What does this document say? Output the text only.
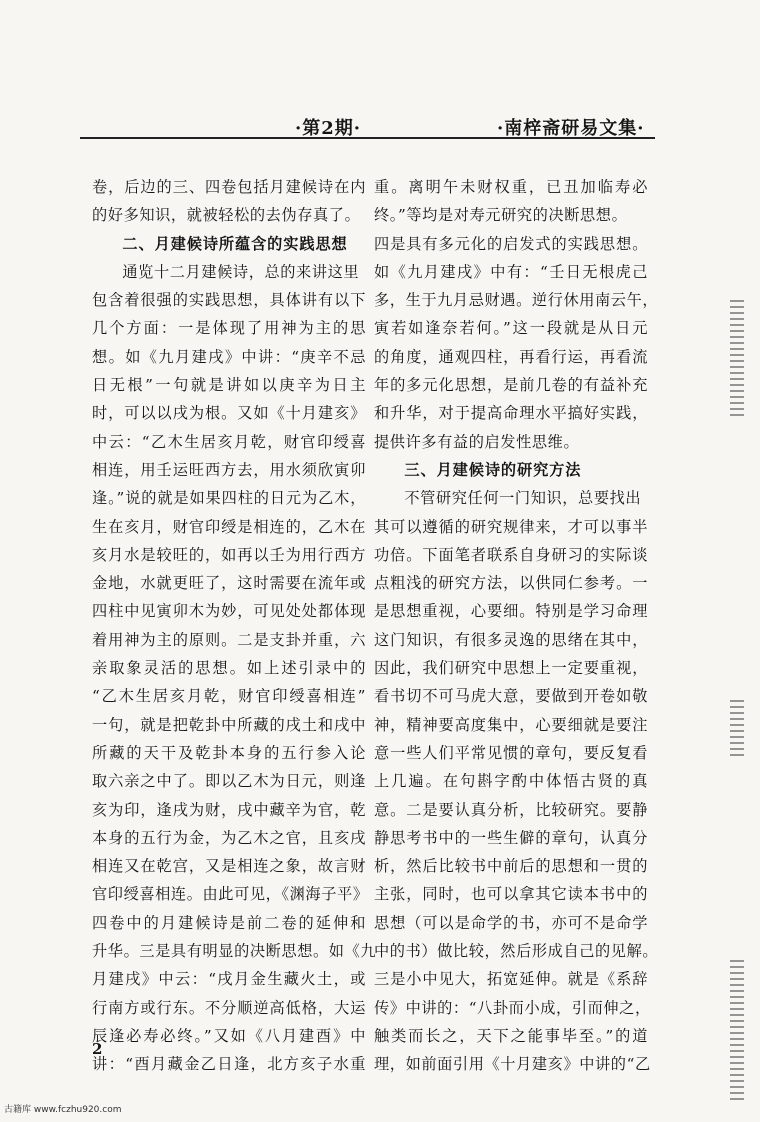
·第2期·	·南梓斋研易文集·
卷，后边的三、四卷包括月建候诗在内
的好多知识，就被轻松的去伪存真了。
二、月建候诗所蕴含的实践思想
通览十二月建候诗，总的来讲这里
包含着很强的实践思想，具体讲有以下
几个方面：一是体现了用神为主的思
想。如《九月建戌》中讲：“庚辛不忌
日无根”一句就是讲如以庚辛为日主
时，可以以戌为根。又如《十月建亥》
中云：“乙木生居亥月乾，财官印绶喜
相连，用壬运旺西方去，用水须欣寅卯
逢。”说的就是如果四柱的日元为乙木，
生在亥月，财官印绶是相连的，乙木在
亥月水是较旺的，如再以壬为用行西方
金地，水就更旺了，这时需要在流年或
四柱中见寅卯木为妙，可见处处都体现
着用神为主的原则。二是支卦并重，六
亲取象灵活的思想。如上述引录中的
“乙木生居亥月乾，财官印绶喜相连”
一句，就是把乾卦中所藏的戌土和戌中
所藏的天干及乾卦本身的五行参入论
取六亲之中了。即以乙木为日元，则逢
亥为印，逢戌为财，戌中藏辛为官，乾
本身的五行为金，为乙木之官，且亥戌
相连又在乾宫，又是相连之象，故言财
官印绶喜相连。由此可见，《渊海子平》
四卷中的月建候诗是前二卷的延伸和
升华。三是具有明显的决断思想。如《九
月建戌》中云：“戌月金生藏火土，或
行南方或行东。不分顺逆高低格，大运
辰逢必寿必终。”又如《八月建酉》中
讲：“酉月藏金乙日逢，北方亥子水重
重。离明午未财权重，已丑加临寿必
终。”等均是对寿元研究的决断思想。
四是具有多元化的启发式的实践思想。
如《九月建戌》中有：“壬日无根虎己
多，生于九月忌财遇。逆行休用南云午，
寅若如逢奈若何。”这一段就是从日元
的角度，通观四柱，再看行运，再看流
年的多元化思想，是前几卷的有益补充
和升华，对于提高命理水平搞好实践，
提供许多有益的启发性思维。
三、月建候诗的研究方法
不管研究任何一门知识，总要找出
其可以遵循的研究规律来，才可以事半
功倍。下面笔者联系自身研习的实际谈
点粗浅的研究方法，以供同仁参考。一
是思想重视，心要细。特别是学习命理
这门知识，有很多灵逸的思绪在其中，
因此，我们研究中思想上一定要重视，
看书切不可马虎大意，要做到开卷如敬
神，精神要高度集中，心要细就是要注
意一些人们平常见惯的章句，要反复看
上几遍。在句斟字酌中体悟古贤的真
意。二是要认真分析，比较研究。要静
静思考书中的一些生僻的章句，认真分
析，然后比较书中前后的思想和一贯的
主张，同时，也可以拿其它读本书中的
思想（可以是命学的书，亦可不是命学
中的书）做比较，然后形成自己的见解。
三是小中见大，拓宽延伸。就是《系辞
传》中讲的：“八卦而小成，引而伸之，
触类而长之，天下之能事毕至。”的道
理，如前面引用《十月建亥》中讲的“乙
2
古籍库 www.fczhu920.com
